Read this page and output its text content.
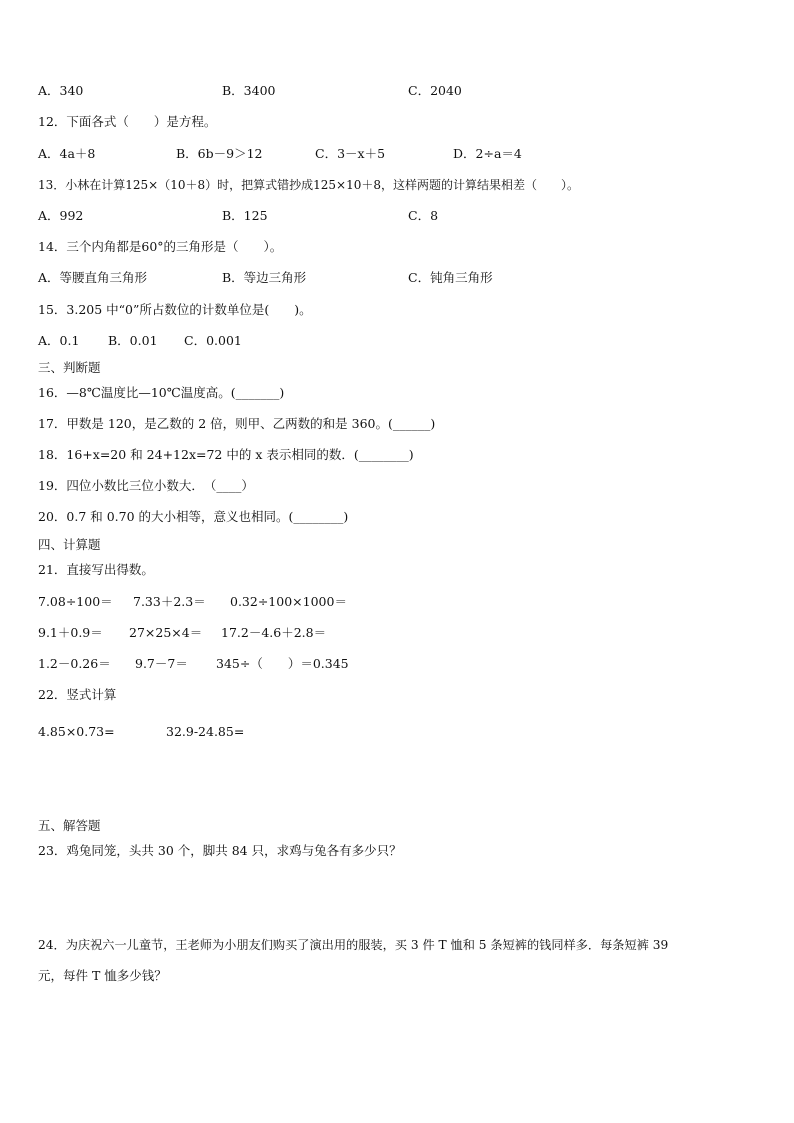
A．340	B．3400	C．2040
12．下面各式（　　）是方程。
A．4a＋8	B．6b－9＞12	C．3－x＋5	D．2÷a＝4
13．小林在计算125×（10＋8）时，把算式错抄成125×10＋8，这样两题的计算结果相差（　　）。
A．992	B．125	C．8
14．三个内角都是60°的三角形是（　　）。
A．等腰直角三角形	B．等边三角形	C．钝角三角形
15．3.205 中“0”所占数位的计数单位是(　　)。
A．0.1 B．0.01 C．0.001
三、判断题
16．—8℃温度比—10℃温度高。(_______)
17．甲数是 120，是乙数的 2 倍，则甲、乙两数的和是 360。(______)
18．16+x=20 和 24+12x=72 中的 x 表示相同的数．(________)
19．四位小数比三位小数大．　（____）
20．0.7 和 0.70 的大小相等，意义也相同。(________)
四、计算题
21．直接写出得数。
7.08÷100＝ 7.33＋2.3＝ 0.32÷100×1000＝
9.1＋0.9＝ 27×25×4＝ 17.2－4.6＋2.8＝
1.2－0.26＝ 9.7－7＝ 345÷（　　）＝0.345
22．竖式计算
4.85×0.73=	32.9-24.85=
五、解答题
23．鸡兔同笼，头共 30 个，脚共 84 只，求鸡与兔各有多少只？
24．为庆祝六一儿童节，王老师为小朋友们购买了演出用的服装，买 3 件 T 恤和 5 条短裤的钱同样多．每条短裤 39
元，每件 T 恤多少钱？
